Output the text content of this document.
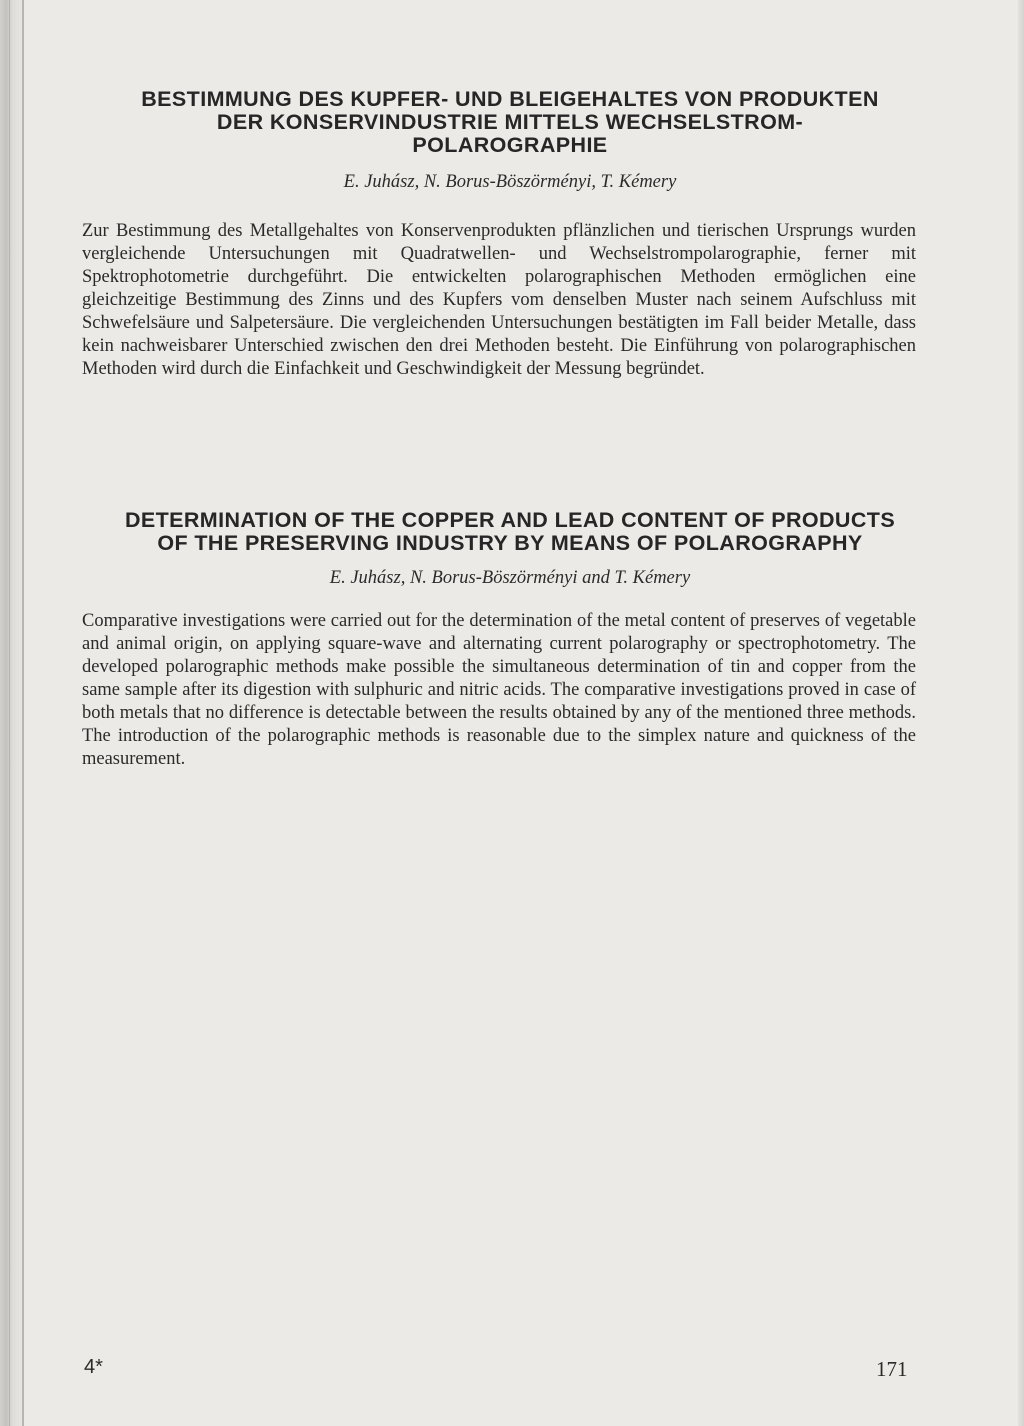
BESTIMMUNG DES KUPFER- UND BLEIGEHALTES VON PRODUKTEN
DER KONSERVINDUSTRIE MITTELS WECHSELSTROM-
POLAROGRAPHIE

E. Juhász, N. Borus-Böszörményi, T. Kémery

Zur Bestimmung des Metallgehaltes von Konservenprodukten pflänzlichen und tierischen Ursprungs wurden vergleichende Untersuchungen mit Quadratwellen- und Wechselstrompolarographie, ferner mit Spektrophotometrie durchgeführt. Die entwickelten polarographischen Methoden ermöglichen eine gleichzeitige Bestimmung des Zinns und des Kupfers vom denselben Muster nach seinem Aufschluss mit Schwefelsäure und Salpetersäure. Die vergleichenden Untersuchungen bestätigten im Fall beider Metalle, dass kein nachweisbarer Unterschied zwischen den drei Methoden besteht. Die Einführung von polarographischen Methoden wird durch die Einfachkeit und Geschwindigkeit der Messung begründet.

DETERMINATION OF THE COPPER AND LEAD CONTENT OF PRODUCTS
OF THE PRESERVING INDUSTRY BY MEANS OF POLAROGRAPHY

E. Juhász, N. Borus-Böszörményi and T. Kémery

Comparative investigations were carried out for the determination of the metal content of preserves of vegetable and animal origin, on applying square-wave and alternating current polarography or spectrophotometry. The developed polarographic methods make possible the simultaneous determination of tin and copper from the same sample after its digestion with sulphuric and nitric acids. The comparative investigations proved in case of both metals that no difference is detectable between the results obtained by any of the mentioned three methods. The introduction of the polarographic methods is reasonable due to the simplex nature and quickness of the measurement.

4*	171
